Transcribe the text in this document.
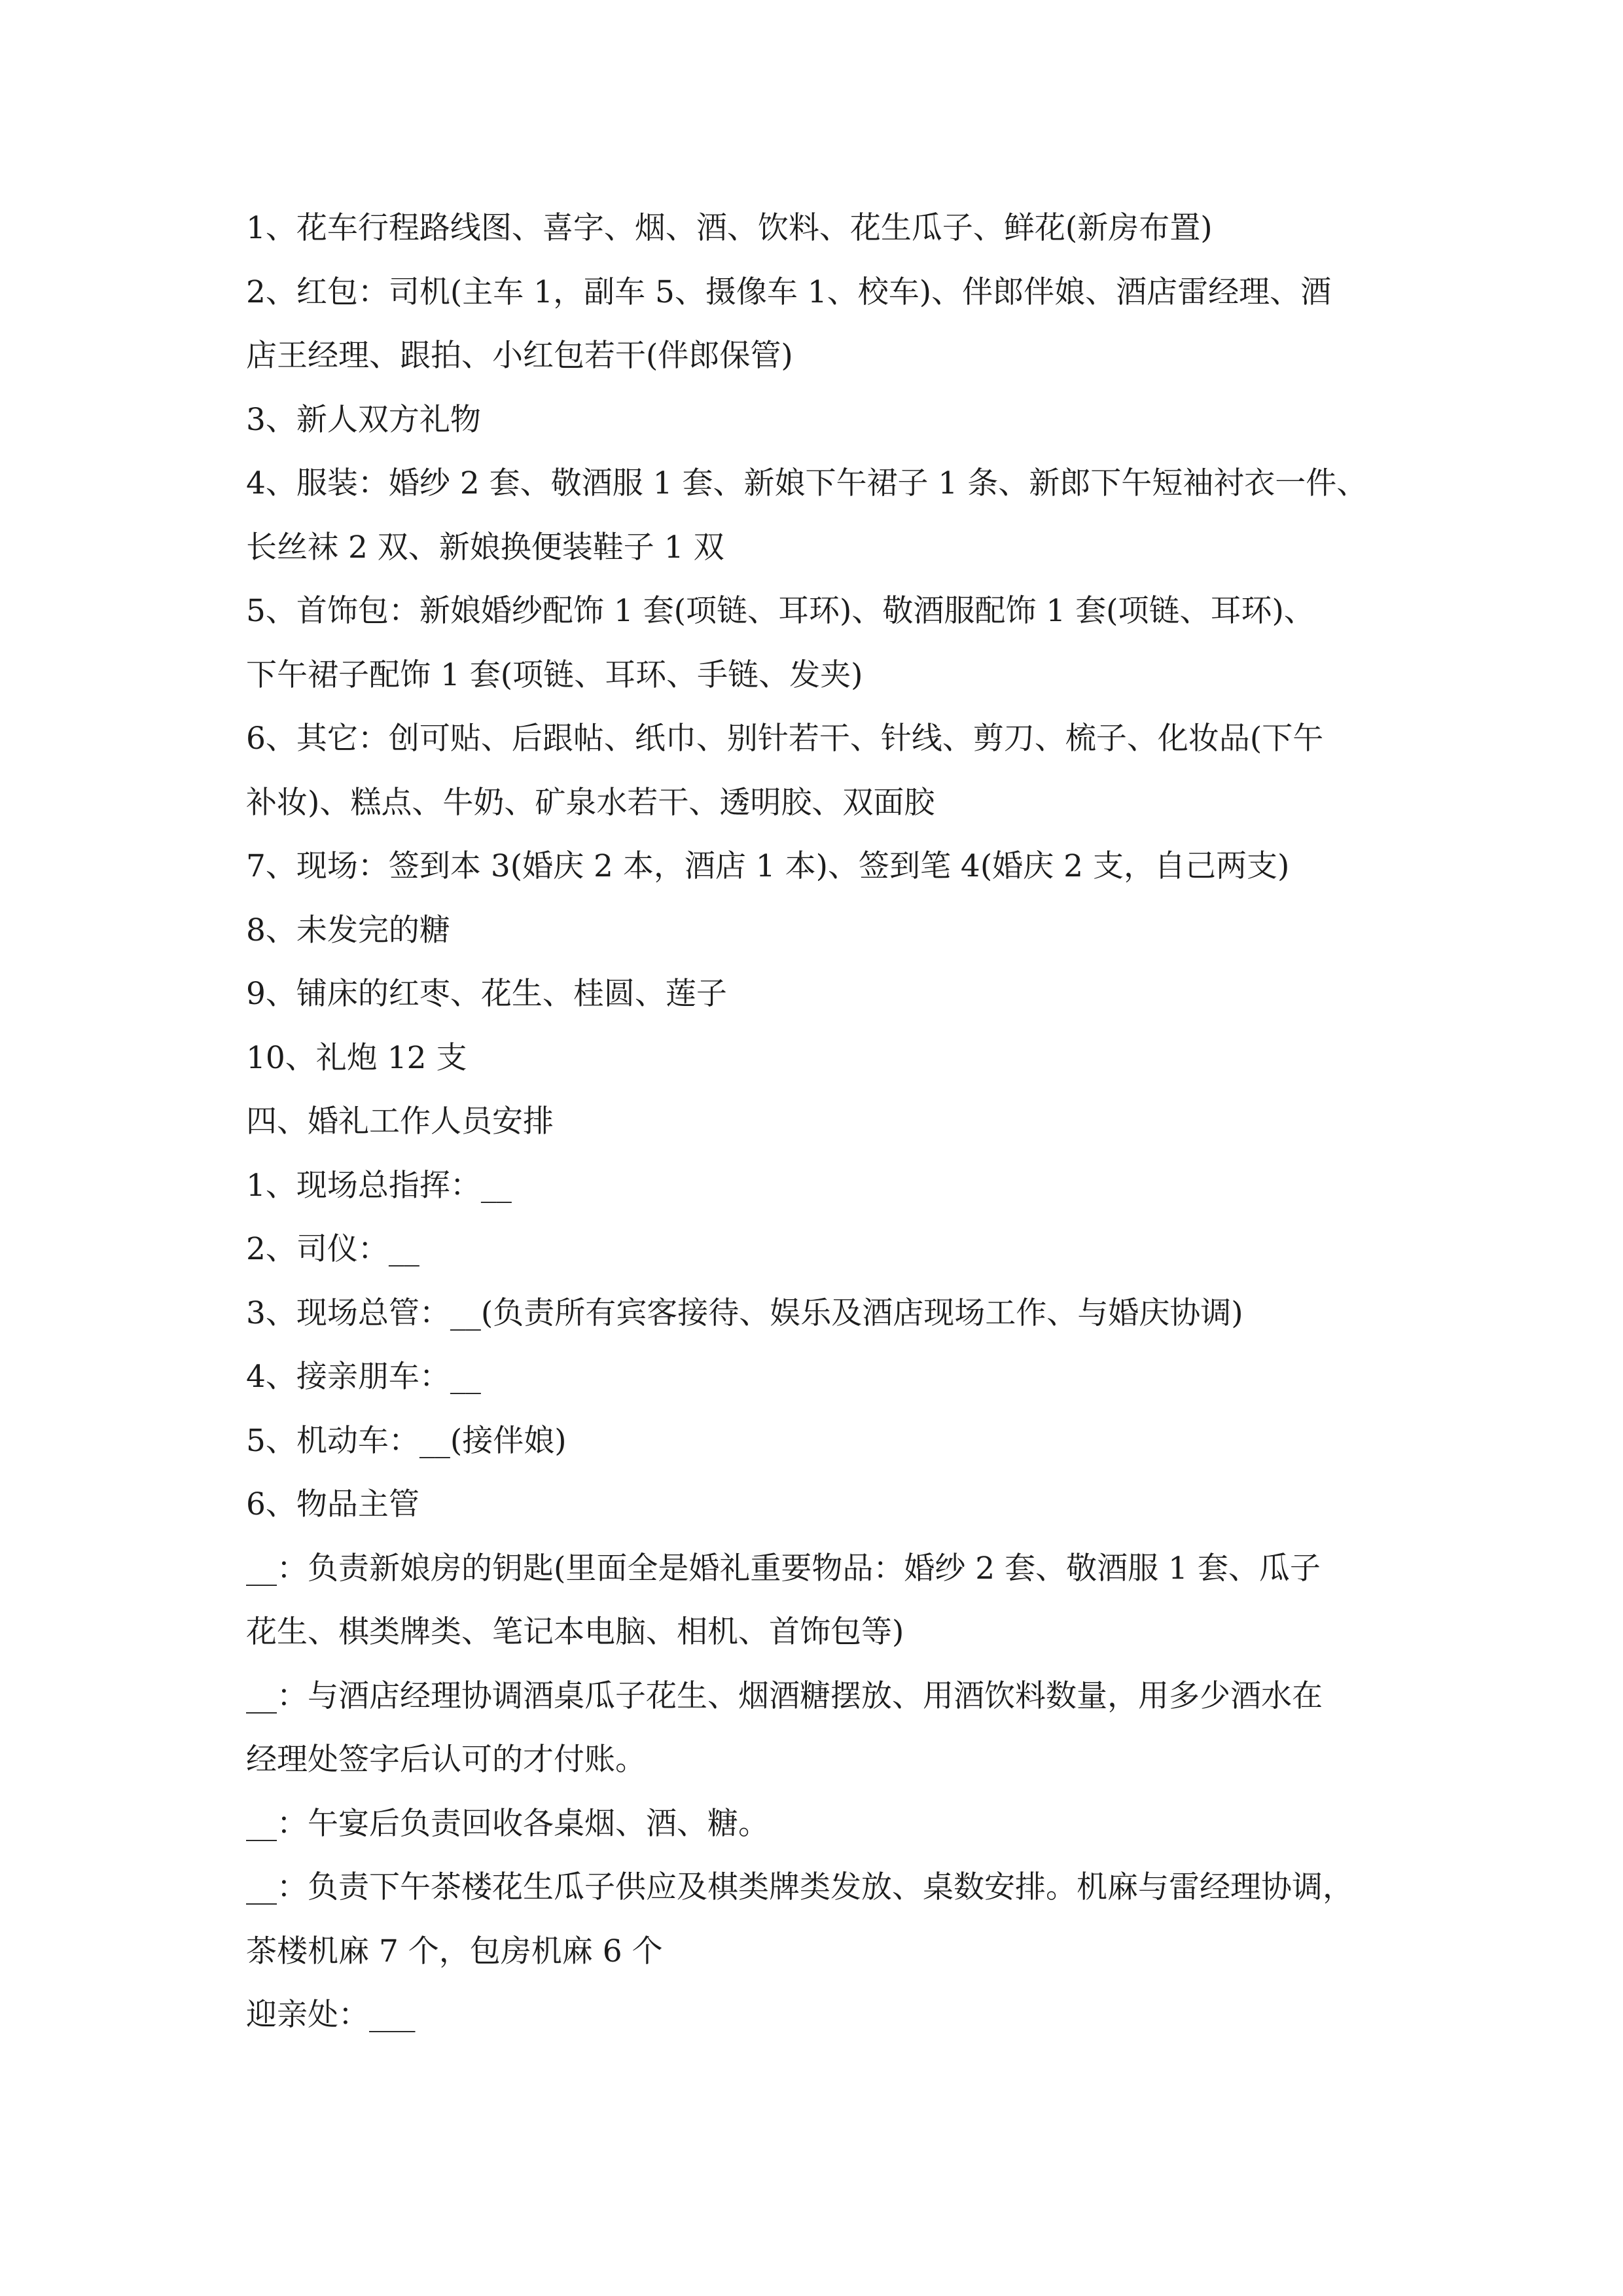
1、花车行程路线图、喜字、烟、酒、饮料、花生瓜子、鲜花(新房布置)
2、红包：司机(主车 1，副车 5、摄像车 1、校车)、伴郎伴娘、酒店雷经理、酒
店王经理、跟拍、小红包若干(伴郎保管)
3、新人双方礼物
4、服装：婚纱 2 套、敬酒服 1 套、新娘下午裙子 1 条、新郎下午短袖衬衣一件、
长丝袜 2 双、新娘换便装鞋子 1 双
5、首饰包：新娘婚纱配饰 1 套(项链、耳环)、敬酒服配饰 1 套(项链、耳环)、
下午裙子配饰 1 套(项链、耳环、手链、发夹)
6、其它：创可贴、后跟帖、纸巾、别针若干、针线、剪刀、梳子、化妆品(下午
补妆)、糕点、牛奶、矿泉水若干、透明胶、双面胶
7、现场：签到本 3(婚庆 2 本，酒店 1 本)、签到笔 4(婚庆 2 支，自己两支)
8、未发完的糖
9、铺床的红枣、花生、桂圆、莲子
10、礼炮 12 支
四、婚礼工作人员安排
1、现场总指挥：__
2、司仪：__
3、现场总管：__(负责所有宾客接待、娱乐及酒店现场工作、与婚庆协调)
4、接亲朋车：__
5、机动车：__(接伴娘)
6、物品主管
__：负责新娘房的钥匙(里面全是婚礼重要物品：婚纱 2 套、敬酒服 1 套、瓜子
花生、棋类牌类、笔记本电脑、相机、首饰包等)
__：与酒店经理协调酒桌瓜子花生、烟酒糖摆放、用酒饮料数量，用多少酒水在
经理处签字后认可的才付账。
__：午宴后负责回收各桌烟、酒、糖。
__：负责下午茶楼花生瓜子供应及棋类牌类发放、桌数安排。机麻与雷经理协调，
茶楼机麻 7 个，包房机麻 6 个
迎亲处：___
